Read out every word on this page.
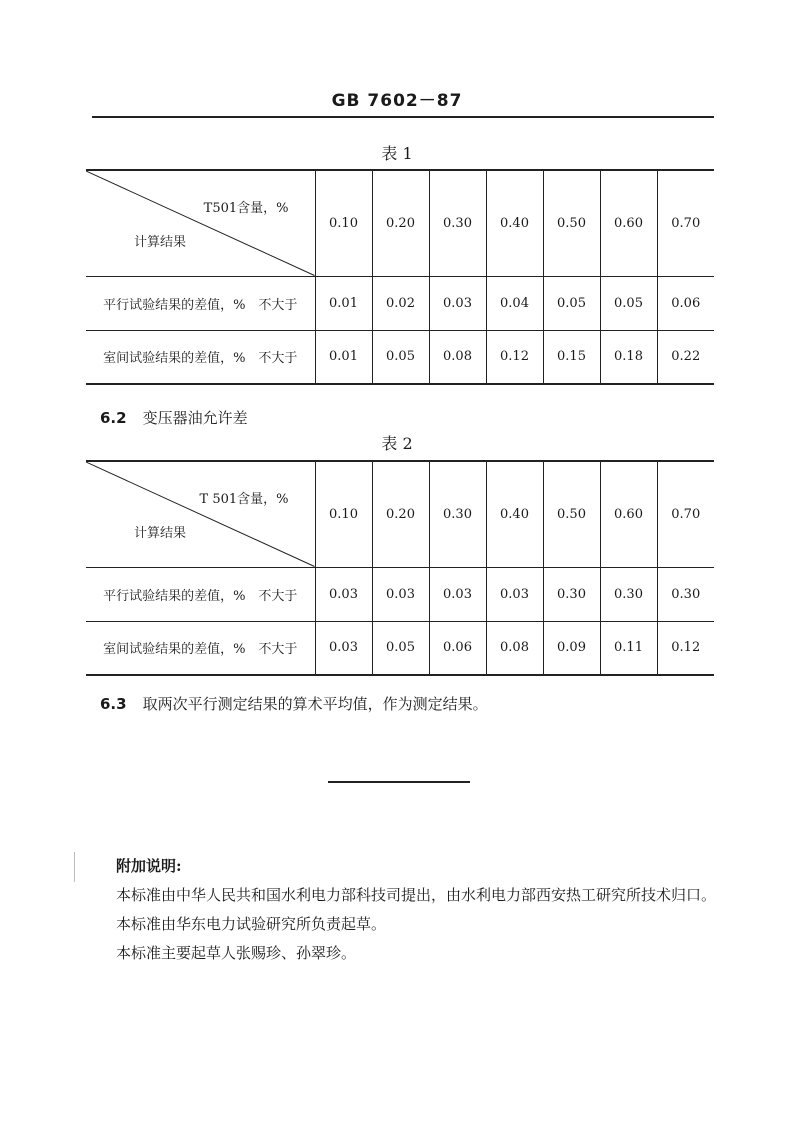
GB 7602－87
表 1
T501含量，%
计算结果	0.10	0.20	0.30	0.40	0.50	0.60	0.70
平行试验结果的差值，%　不大于	0.01	0.02	0.03	0.04	0.05	0.05	0.06
室间试验结果的差值，%　不大于	0.01	0.05	0.08	0.12	0.15	0.18	0.22
6.2 变压器油允许差
表 2
T 501含量，%
计算结果	0.10	0.20	0.30	0.40	0.50	0.60	0.70
平行试验结果的差值，%　不大于	0.03	0.03	0.03	0.03	0.30	0.30	0.30
室间试验结果的差值，%　不大于	0.03	0.05	0.06	0.08	0.09	0.11	0.12
6.3 取两次平行测定结果的算术平均值，作为测定结果。
附加说明:
本标准由中华人民共和国水利电力部科技司提出，由水利电力部西安热工研究所技术归口。
本标准由华东电力试验研究所负责起草。
本标准主要起草人张赐珍、孙翠珍。
